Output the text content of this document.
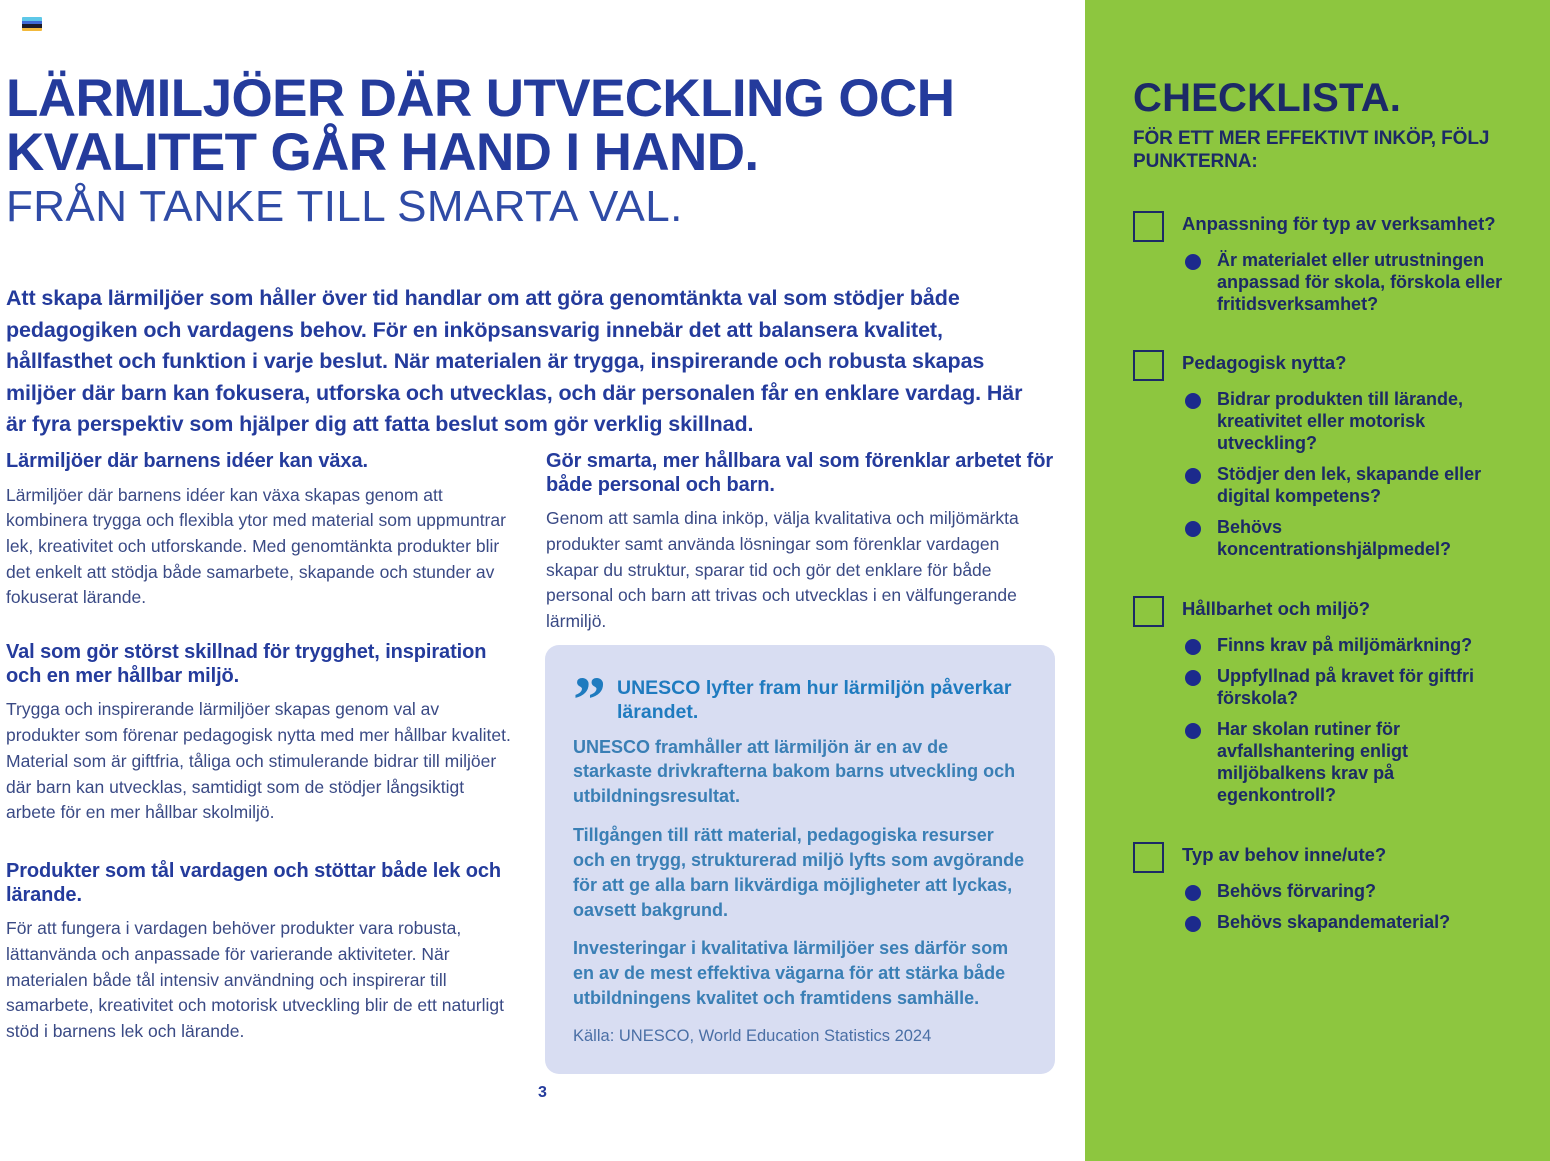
LÄRMILJÖER DÄR UTVECKLING OCH
KVALITET GÅR HAND I HAND.
FRÅN TANKE TILL SMARTA VAL.
Att skapa lärmiljöer som håller över tid handlar om att göra genomtänkta val som stödjer både pedagogiken och vardagens behov. För en inköpsansvarig innebär det att balansera kvalitet, hållfasthet och funktion i varje beslut. När materialen är trygga, inspirerande och robusta skapas miljöer där barn kan fokusera, utforska och utvecklas, och där personalen får en enklare vardag. Här är fyra perspektiv som hjälper dig att fatta beslut som gör verklig skillnad.
Lärmiljöer där barnens idéer kan växa.

Lärmiljöer där barnens idéer kan växa skapas genom att kombinera trygga och flexibla ytor med material som uppmuntrar lek, kreativitet och utforskande. Med genomtänkta produkter blir det enkelt att stödja både samarbete, skapande och stunder av fokuserat lärande.

Val som gör störst skillnad för trygghet, inspiration och en mer hållbar miljö.

Trygga och inspirerande lärmiljöer skapas genom val av produkter som förenar pedagogisk nytta med mer hållbar kvalitet. Material som är giftfria, tåliga och stimulerande bidrar till miljöer där barn kan utvecklas, samtidigt som de stödjer långsiktigt arbete för en mer hållbar skolmiljö.

Produkter som tål vardagen och stöttar både lek och lärande.

För att fungera i vardagen behöver produkter vara robusta, lättanvända och anpassade för varierande aktiviteter. När materialen både tål intensiv användning och inspirerar till samarbete, kreativitet och motorisk utveckling blir de ett naturligt stöd i barnens lek och lärande.

Gör smarta, mer hållbara val som förenklar arbetet för både personal och barn.

Genom att samla dina inköp, välja kvalitativa och miljömärkta produkter samt använda lösningar som förenklar vardagen skapar du struktur, sparar tid och gör det enklare för både personal och barn att trivas och utvecklas i en välfungerande lärmiljö.

” UNESCO lyfter fram hur lärmiljön påverkar lärandet.

UNESCO framhåller att lärmiljön är en av de starkaste drivkrafterna bakom barns utveckling och utbildningsresultat.

Tillgången till rätt material, pedagogiska resurser och en trygg, strukturerad miljö lyfts som avgörande för att ge alla barn likvärdiga möjligheter att lyckas, oavsett bakgrund.

Investeringar i kvalitativa lärmiljöer ses därför som en av de mest effektiva vägarna för att stärka både utbildningens kvalitet och framtidens samhälle.

Källa: UNESCO, World Education Statistics 2024

3
CHECKLISTA.
FÖR ETT MER EFFEKTIVT INKÖP, FÖLJ PUNKTERNA:
Anpassning för typ av verksamhet?
Är materialet eller utrustningen anpassad för skola, förskola eller fritidsverksamhet?
Pedagogisk nytta?
Bidrar produkten till lärande, kreativitet eller motorisk utveckling?
Stödjer den lek, skapande eller digital kompetens?
Behövs koncentrationshjälpmedel?
Hållbarhet och miljö?
Finns krav på miljömärkning?
Uppfyllnad på kravet för giftfri förskola?
Har skolan rutiner för avfallshantering enligt miljöbalkens krav på egenkontroll?
Typ av behov inne/ute?
Behövs förvaring?
Behövs skapandematerial?
